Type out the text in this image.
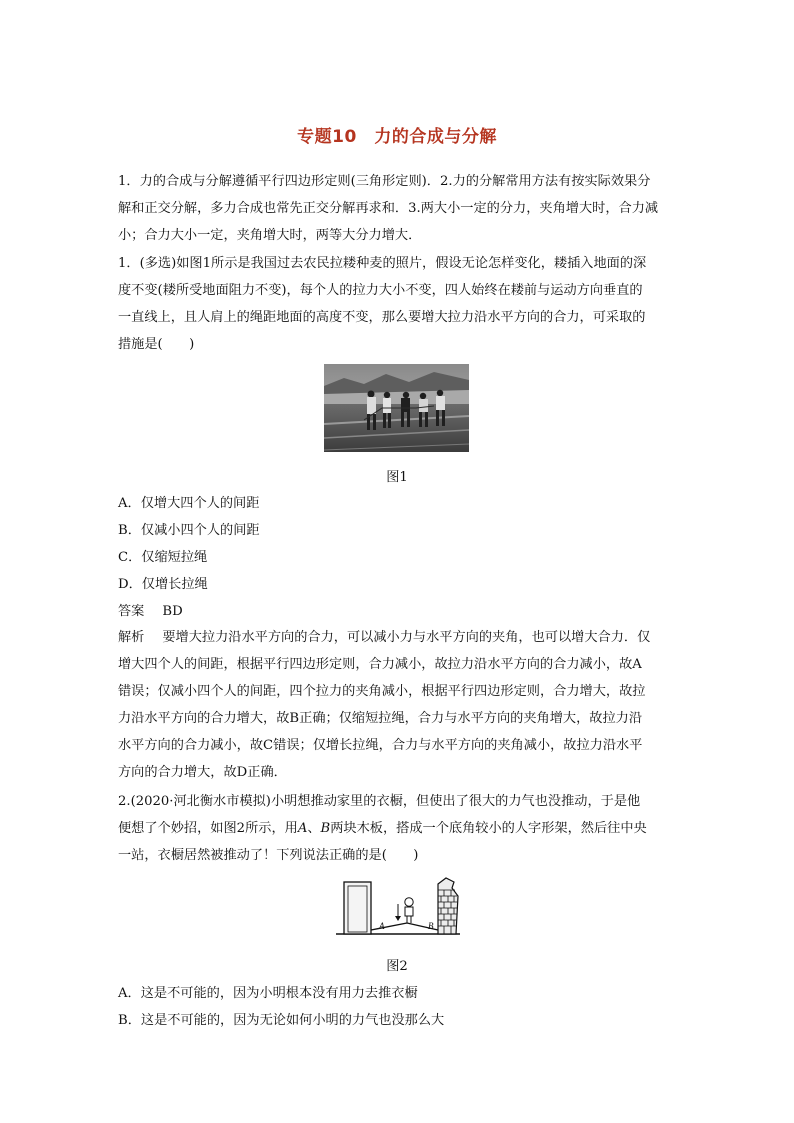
专题10　力的合成与分解
1．力的合成与分解遵循平行四边形定则(三角形定则)．2.力的分解常用方法有按实际效果分
解和正交分解，多力合成也常先正交分解再求和．3.两大小一定的分力，夹角增大时，合力减
小；合力大小一定，夹角增大时，两等大分力增大．
1．(多选)如图1所示是我国过去农民拉耧种麦的照片，假设无论怎样变化，耧插入地面的深
度不变(耧所受地面阻力不变)，每个人的拉力大小不变，四人始终在耧前与运动方向垂直的
一直线上，且人肩上的绳距地面的高度不变，那么要增大拉力沿水平方向的合力，可采取的
措施是(　　)
图1
A．仅增大四个人的间距
B．仅减小四个人的间距
C．仅缩短拉绳
D．仅增长拉绳
答案 BD
解析 要增大拉力沿水平方向的合力，可以减小力与水平方向的夹角，也可以增大合力．仅
增大四个人的间距，根据平行四边形定则，合力减小，故拉力沿水平方向的合力减小，故A
错误；仅减小四个人的间距，四个拉力的夹角减小，根据平行四边形定则，合力增大，故拉
力沿水平方向的合力增大，故B正确；仅缩短拉绳，合力与水平方向的夹角增大，故拉力沿
水平方向的合力减小，故C错误；仅增长拉绳，合力与水平方向的夹角减小，故拉力沿水平
方向的合力增大，故D正确．
2.(2020·河北衡水市模拟)小明想推动家里的衣橱，但使出了很大的力气也没推动，于是他
便想了个妙招，如图2所示，用A、B两块木板，搭成一个底角较小的人字形架，然后往中央
一站，衣橱居然被推动了！下列说法正确的是(　　)
A	B
图2
A．这是不可能的，因为小明根本没有用力去推衣橱
B．这是不可能的，因为无论如何小明的力气也没那么大
